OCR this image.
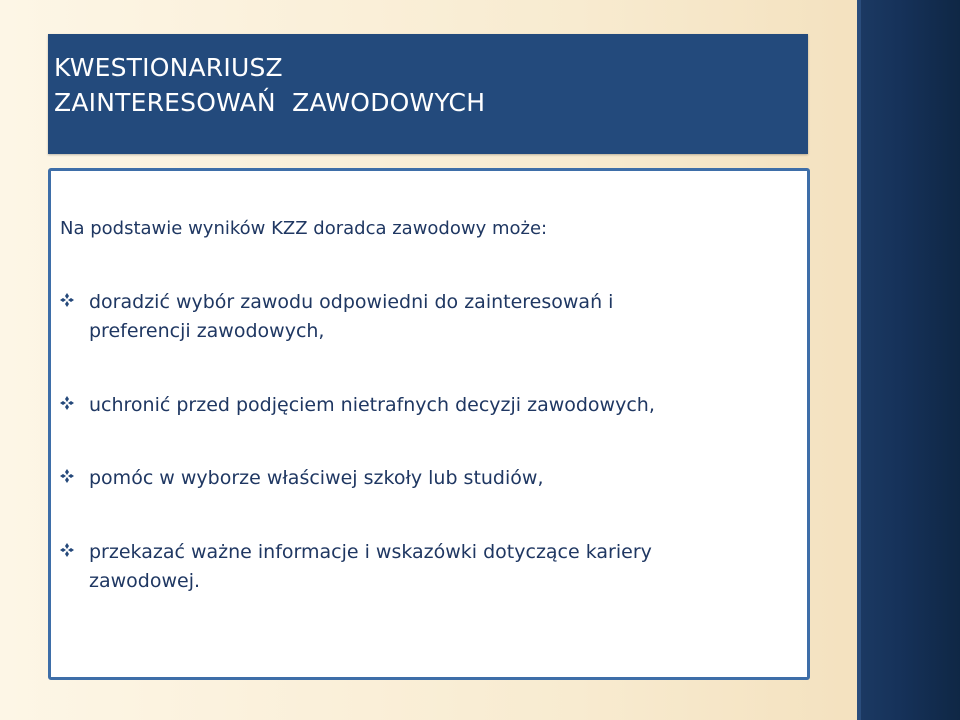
KWESTIONARIUSZ
ZAINTERESOWAŃ  ZAWODOWYCH
Na podstawie wyników KZZ doradca zawodowy może:
doradzić wybór zawodu odpowiedni do zainteresowań i
preferencji zawodowych,
uchronić przed podjęciem nietrafnych decyzji zawodowych,
pomóc w wyborze właściwej szkoły lub studiów,
przekazać ważne informacje i wskazówki dotyczące kariery
zawodowej.
